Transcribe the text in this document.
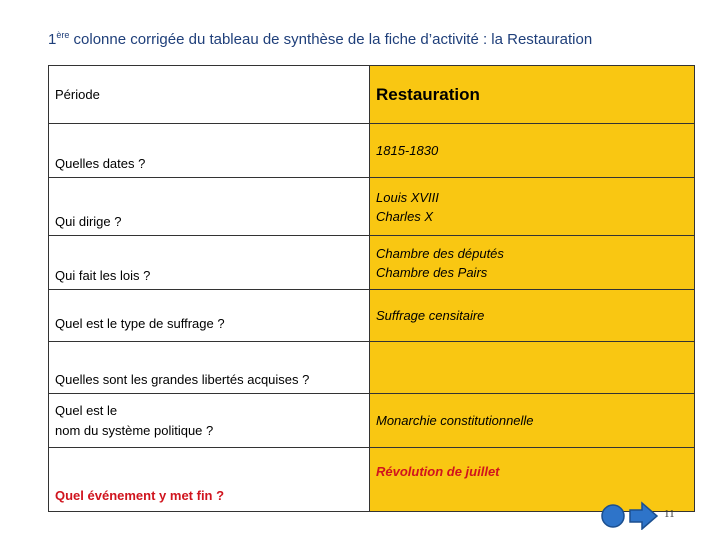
1ère colonne corrigée du tableau de synthèse de la fiche d’activité : la Restauration
Période	Restauration
Quelles dates ?	1815-1830
Qui dirige ?	Louis XVIII
Charles X

Qui fait les lois ?	Chambre des députés
Chambre des Pairs

Quel est le type de suffrage ?	Suffrage censitaire
Quelles sont les grandes libertés acquises ?	

Quel est le
nom du système politique ?	Monarchie constitutionnelle
Quel événement y met fin ?	Révolution de juillet
11
